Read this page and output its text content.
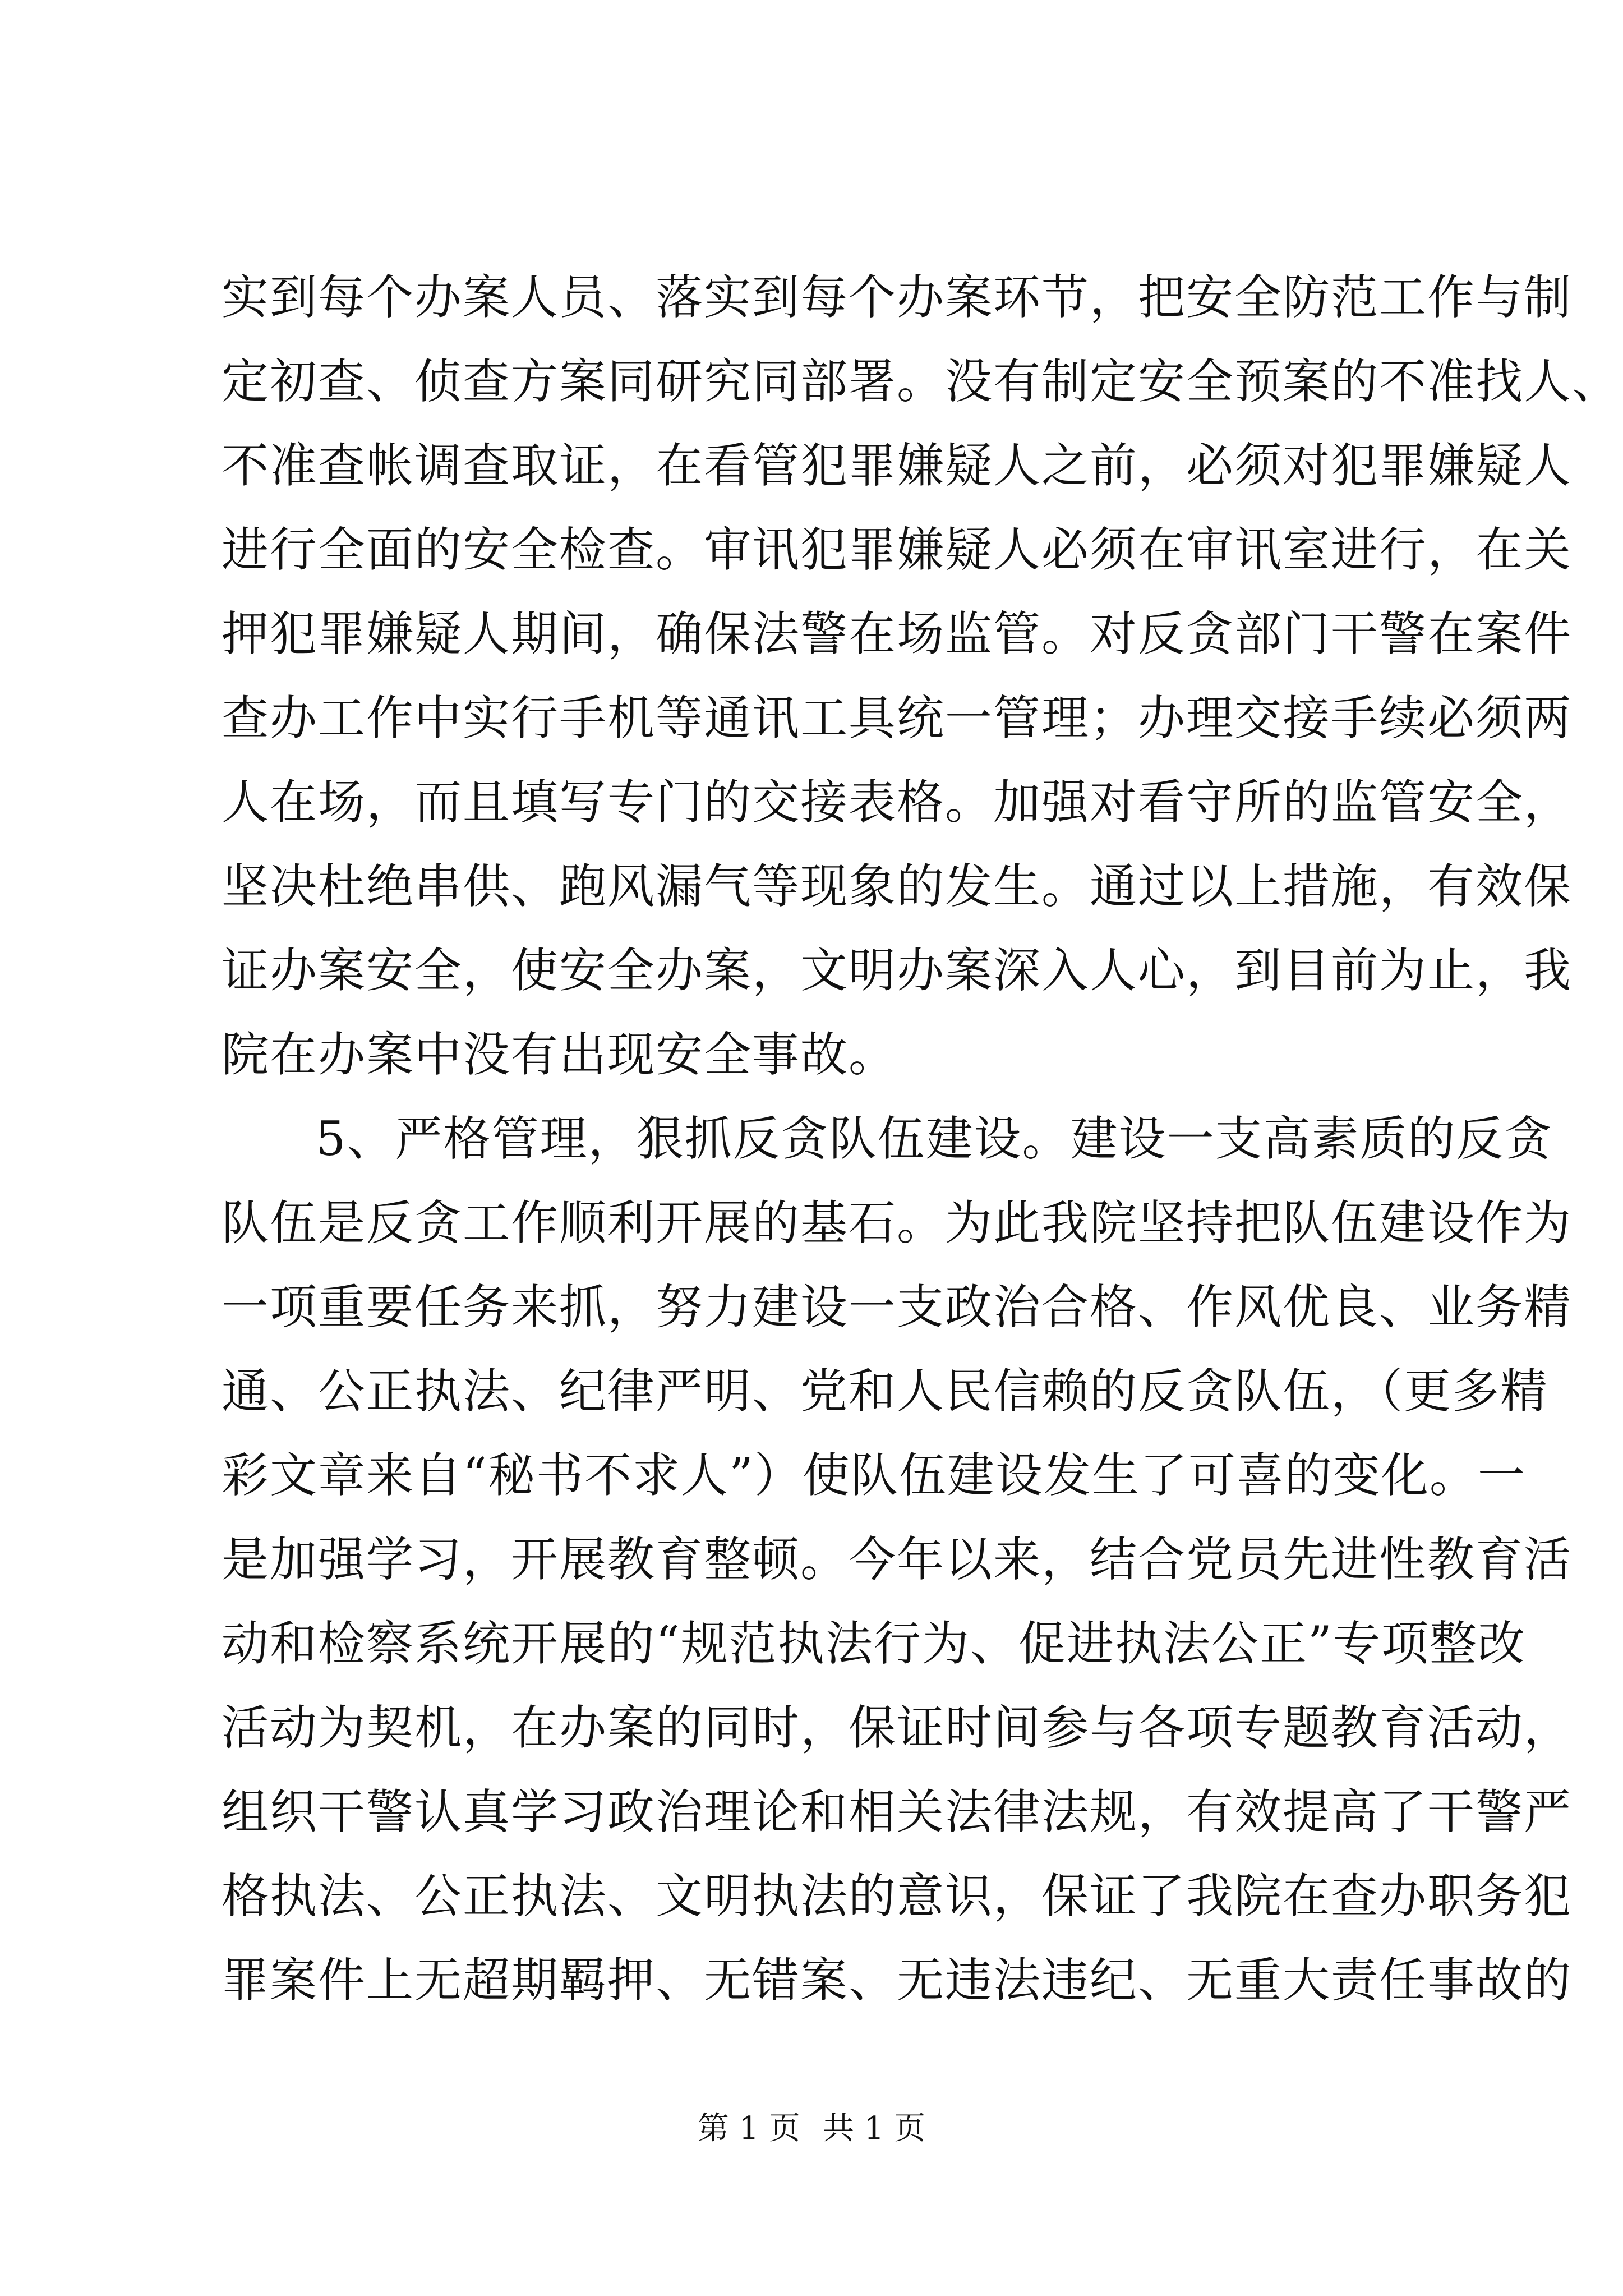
实到每个办案人员、落实到每个办案环节，把安全防范工作与制
定初查、侦查方案同研究同部署。没有制定安全预案的不准找人、
不准查帐调查取证，在看管犯罪嫌疑人之前，必须对犯罪嫌疑人
进行全面的安全检查。审讯犯罪嫌疑人必须在审讯室进行，在关
押犯罪嫌疑人期间，确保法警在场监管。对反贪部门干警在案件
查办工作中实行手机等通讯工具统一管理；办理交接手续必须两
人在场，而且填写专门的交接表格。加强对看守所的监管安全，
坚决杜绝串供、跑风漏气等现象的发生。通过以上措施，有效保
证办案安全，使安全办案，文明办案深入人心，到目前为止，我
院在办案中没有出现安全事故。
5、严格管理，狠抓反贪队伍建设。建设一支高素质的反贪
队伍是反贪工作顺利开展的基石。为此我院坚持把队伍建设作为
一项重要任务来抓，努力建设一支政治合格、作风优良、业务精
通、公正执法、纪律严明、党和人民信赖的反贪队伍，（更多精
彩文章来自“秘书不求人”）使队伍建设发生了可喜的变化。一
是加强学习，开展教育整顿。今年以来，结合党员先进性教育活
动和检察系统开展的“规范执法行为、促进执法公正”专项整改
活动为契机，在办案的同时，保证时间参与各项专题教育活动，
组织干警认真学习政治理论和相关法律法规，有效提高了干警严
格执法、公正执法、文明执法的意识，保证了我院在查办职务犯
罪案件上无超期羁押、无错案、无违法违纪、无重大责任事故的
第 1 页 共 1 页
